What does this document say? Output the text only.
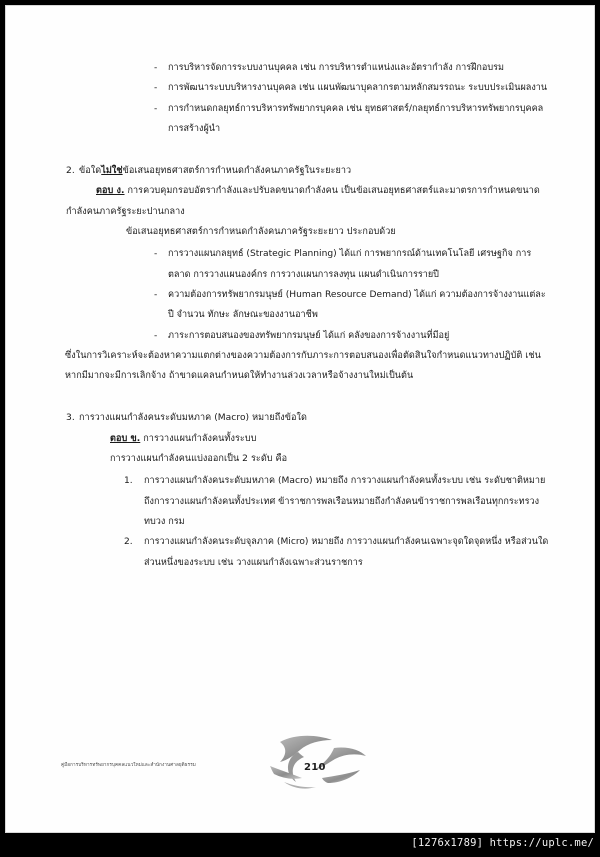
-	การบริหารจัดการระบบงานบุคคล เช่น การบริหารตำแหน่งและอัตรากำลัง การฝึกอบรม
-	การพัฒนาระบบบริหารงานบุคคล เช่น แผนพัฒนาบุคลากรตามหลักสมรรถนะ ระบบประเมินผลงาน
-	การกำหนดกลยุทธ์การบริหารทรัพยากรบุคคล เช่น ยุทธศาสตร์/กลยุทธ์การบริหารทรัพยากรบุคคล การสร้างผู้นำ
2. ข้อใดไม่ใช่ข้อเสนอยุทธศาสตร์การกำหนดกำลังคนภาครัฐในระยะยาว
ตอบ ง. การควบคุมกรอบอัตรากำลังและปรับลดขนาดกำลังคน เป็นข้อเสนอยุทธศาสตร์และมาตรการกำหนดขนาดกำลังคนภาครัฐระยะปานกลาง
ข้อเสนอยุทธศาสตร์การกำหนดกำลังคนภาครัฐระยะยาว ประกอบด้วย
-	การวางแผนกลยุทธ์ (Strategic Planning) ได้แก่ การพยากรณ์ด้านเทคโนโลยี เศรษฐกิจ การตลาด การวางแผนองค์กร การวางแผนการลงทุน แผนดำเนินการรายปี
-	ความต้องการทรัพยากรมนุษย์ (Human Resource Demand) ได้แก่ ความต้องการจ้างงานแต่ละปี จำนวน ทักษะ ลักษณะของงานอาชีพ
-	ภาระการตอบสนองของทรัพยากรมนุษย์ ได้แก่ คลังของการจ้างงานที่มีอยู่
ซึ่งในการวิเคราะห์จะต้องหาความแตกต่างของความต้องการกับภาระการตอบสนองเพื่อตัดสินใจกำหนดแนวทางปฏิบัติ เช่น หากมีมากจะมีการเลิกจ้าง ถ้าขาดแคลนกำหนดให้ทำงานล่วงเวลาหรือจ้างงานใหม่เป็นต้น
3. การวางแผนกำลังคนระดับมหภาค (Macro) หมายถึงข้อใด
ตอบ ข. การวางแผนกำลังคนทั้งระบบ
การวางแผนกำลังคนแบ่งออกเป็น 2 ระดับ คือ
1.	การวางแผนกำลังคนระดับมหภาค (Macro) หมายถึง การวางแผนกำลังคนทั้งระบบ เช่น ระดับชาติหมายถึงการวางแผนกำลังคนทั้งประเทศ ข้าราชการพลเรือนหมายถึงกำลังคนข้าราชการพลเรือนทุกกระทรวง ทบวง กรม
2.	การวางแผนกำลังคนระดับจุลภาค (Micro) หมายถึง การวางแผนกำลังคนเฉพาะจุดใดจุดหนึ่ง หรือส่วนใดส่วนหนึ่งของระบบ เช่น วางแผนกำลังเฉพาะส่วนราชการ
คู่มือการบริหารทรัพยากรบุคคลแนวใหม่และสำนักงานศาลยุติธรรม	210
[1276x1789] https://uplc.me/
